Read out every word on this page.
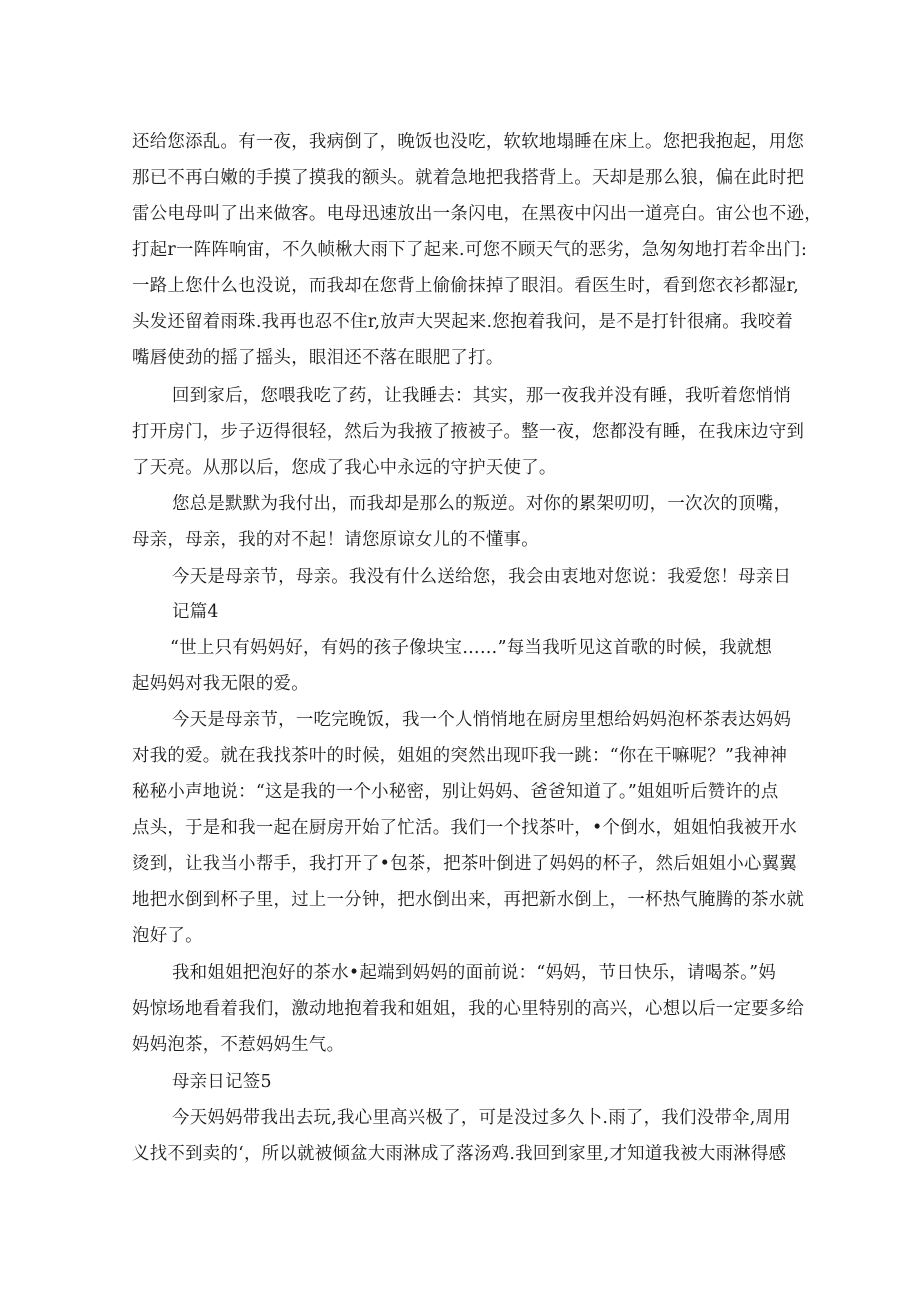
还给您添乱。有一夜，我病倒了，晚饭也没吃，软软地塌睡在床上。您把我抱起，用您
那已不再白嫩的手摸了摸我的额头。就着急地把我搭背上。天却是那么狼，偏在此时把
雷公电母叫了出来做客。电母迅速放出一条闪电，在黑夜中闪出一道亮白。宙公也不逊，
打起r一阵阵响宙，不久帧楸大雨下了起来.可您不顾天气的恶劣，急匆匆地打若伞出门:
一路上您什么也没说，而我却在您背上偷偷抹掉了眼泪。看医生时，看到您衣衫都湿r,
头发还留着雨珠.我再也忍不住r,放声大哭起来.您抱着我问，是不是打针很痛。我咬着
嘴唇使劲的摇了摇头，眼泪还不落在眼肥了打。
回到家后，您喂我吃了药，让我睡去：其实，那一夜我并没有睡，我听着您悄悄
打开房门，步子迈得很轻，然后为我掖了掖被子。整一夜，您都没有睡，在我床边守到
了天亮。从那以后，您成了我心中永远的守护天使了。
您总是默默为我付出，而我却是那么的叛逆。对你的累架叨叨，一次次的顶嘴，
母亲，母亲，我的对不起！请您原谅女儿的不懂事。
今天是母亲节，母亲。我没有什么送给您，我会由衷地对您说：我爱您！母亲日
记篇4
“世上只有妈妈好，有妈的孩子像块宝……”每当我听见这首歌的时候，我就想
起妈妈对我无限的爱。
今天是母亲节，一吃完晚饭，我一个人悄悄地在厨房里想给妈妈泡杯茶表达妈妈
对我的爱。就在我找茶叶的时候，姐姐的突然出现吓我一跳：“你在干嘛呢？”我神神
秘秘小声地说：“这是我的一个小秘密，别让妈妈、爸爸知道了。”姐姐听后赞许的点
点头，于是和我一起在厨房开始了忙活。我们一个找茶叶，•个倒水，姐姐怕我被开水
烫到，让我当小帮手，我打开了•包茶，把茶叶倒进了妈妈的杯子，然后姐姐小心翼翼
地把水倒到杯子里，过上一分钟，把水倒出来，再把新水倒上，一杯热气腌腾的茶水就
泡好了。
我和姐姐把泡好的茶水•起端到妈妈的面前说：“妈妈，节日快乐，请喝茶。”妈
妈惊场地看着我们，激动地抱着我和姐姐，我的心里特别的高兴，心想以后一定要多给
妈妈泡茶，不惹妈妈生气。
母亲日记签5
今天妈妈带我出去玩,我心里高兴极了，可是没过多久卜.雨了，我们没带伞,周用
义找不到卖的‘，所以就被倾盆大雨淋成了落汤鸡.我回到家里,才知道我被大雨淋得感
